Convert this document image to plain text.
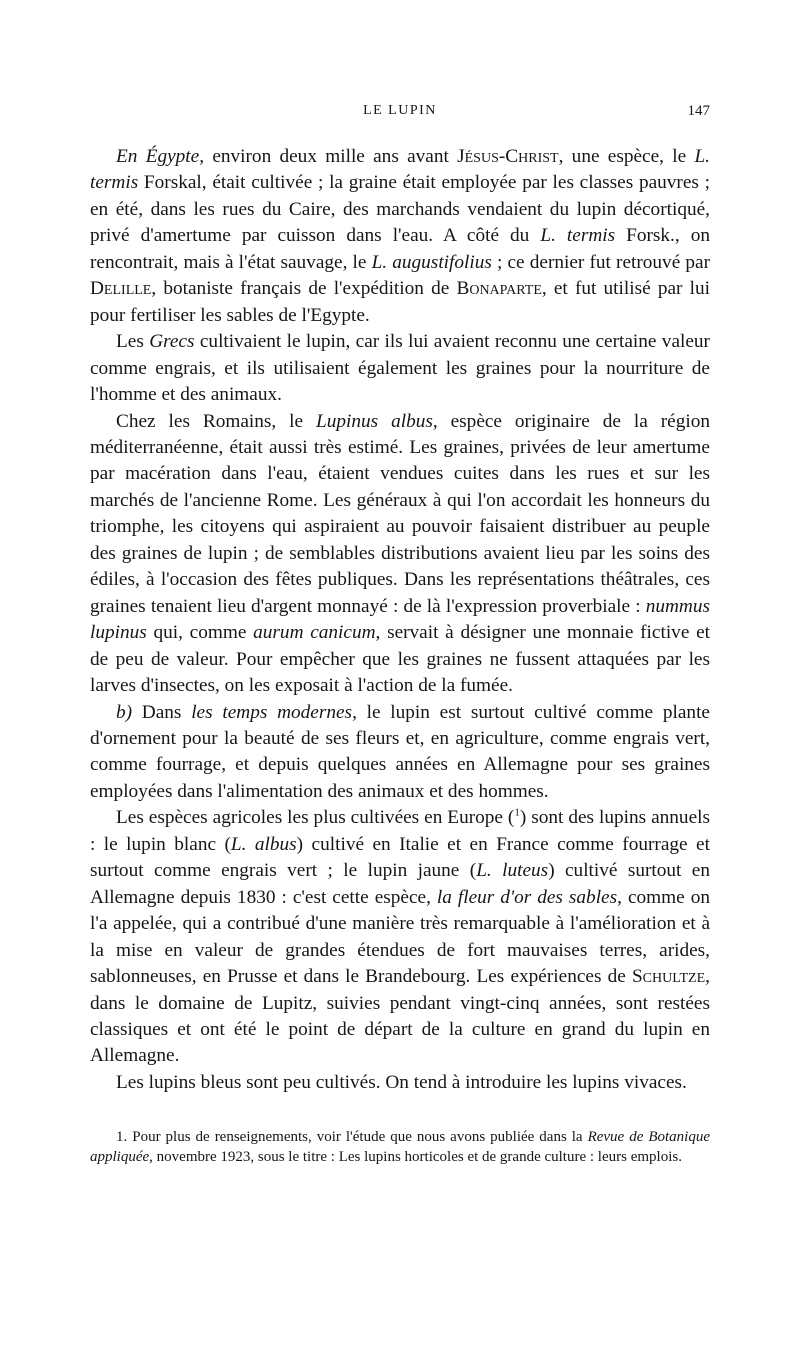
LE LUPIN	147

En Égypte, environ deux mille ans avant Jésus-Christ, une espèce, le L. termis Forskal, était cultivée ; la graine était employée par les classes pauvres ; en été, dans les rues du Caire, des marchands vendaient du lupin décortiqué, privé d'amertume par cuisson dans l'eau. A côté du L. termis Forsk., on rencontrait, mais à l'état sauvage, le L. augustifolius ; ce dernier fut retrouvé par Delille, botaniste français de l'expédition de Bonaparte, et fut utilisé par lui pour fertiliser les sables de l'Egypte.

Les Grecs cultivaient le lupin, car ils lui avaient reconnu une certaine valeur comme engrais, et ils utilisaient également les graines pour la nourriture de l'homme et des animaux.

Chez les Romains, le Lupinus albus, espèce originaire de la région méditerranéenne, était aussi très estimé. Les graines, privées de leur amertume par macération dans l'eau, étaient vendues cuites dans les rues et sur les marchés de l'ancienne Rome. Les généraux à qui l'on accordait les honneurs du triomphe, les citoyens qui aspiraient au pouvoir faisaient distribuer au peuple des graines de lupin ; de semblables distributions avaient lieu par les soins des édiles, à l'occasion des fêtes publiques. Dans les représentations théâtrales, ces graines tenaient lieu d'argent monnayé : de là l'expression proverbiale : nummus lupinus qui, comme aurum canicum, servait à désigner une monnaie fictive et de peu de valeur. Pour empêcher que les graines ne fussent attaquées par les larves d'insectes, on les exposait à l'action de la fumée.

b) Dans les temps modernes, le lupin est surtout cultivé comme plante d'ornement pour la beauté de ses fleurs et, en agriculture, comme engrais vert, comme fourrage, et depuis quelques années en Allemagne pour ses graines employées dans l'alimentation des animaux et des hommes.

Les espèces agricoles les plus cultivées en Europe ($^1$) sont des lupins annuels : le lupin blanc (L. albus) cultivé en Italie et en France comme fourrage et surtout comme engrais vert ; le lupin jaune (L. luteus) cultivé surtout en Allemagne depuis 1830 : c'est cette espèce, la fleur d'or des sables, comme on l'a appelée, qui a contribué d'une manière très remarquable à l'amélioration et à la mise en valeur de grandes étendues de fort mauvaises terres, arides, sablonneuses, en Prusse et dans le Brandebourg. Les expériences de Schultze, dans le domaine de Lupitz, suivies pendant vingt-cinq années, sont restées classiques et ont été le point de départ de la culture en grand du lupin en Allemagne.

Les lupins bleus sont peu cultivés. On tend à introduire les lupins vivaces.

1. Pour plus de renseignements, voir l'étude que nous avons publiée dans la Revue de Botanique appliquée, novembre 1923, sous le titre : Les lupins horticoles et de grande culture : leurs emplois.
